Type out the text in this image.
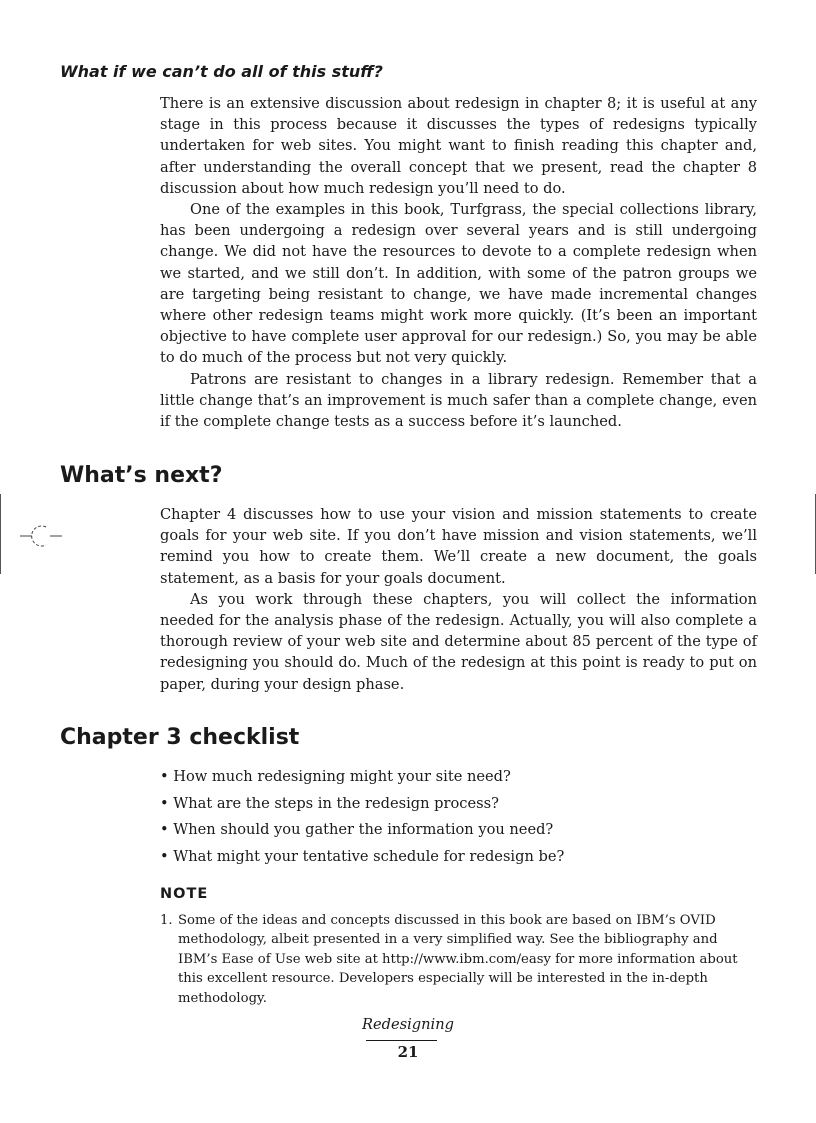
What if we can’t do all of this stuff?

There is an extensive discussion about redesign in chapter 8; it is useful at any stage in this process because it discusses the types of redesigns typically undertaken for web sites. You might want to finish reading this chapter and, after understanding the overall concept that we present, read the chapter 8 discussion about how much redesign you’ll need to do.

One of the examples in this book, Turfgrass, the special collections library, has been undergoing a redesign over several years and is still undergoing change. We did not have the resources to devote to a complete redesign when we started, and we still don’t. In addition, with some of the patron groups we are targeting being resistant to change, we have made incremental changes where other redesign teams might work more quickly. (It’s been an important objective to have complete user approval for our redesign.) So, you may be able to do much of the process but not very quickly.

Patrons are resistant to changes in a library redesign. Remember that a little change that’s an improvement is much safer than a complete change, even if the complete change tests as a success before it’s launched.

What’s next?

Chapter 4 discusses how to use your vision and mission statements to create goals for your web site. If you don’t have mission and vision statements, we’ll remind you how to create them. We’ll create a new document, the goals statement, as a basis for your goals document.

As you work through these chapters, you will collect the information needed for the analysis phase of the redesign. Actually, you will also complete a thorough review of your web site and determine about 85 percent of the type of redesigning you should do. Much of the redesign at this point is ready to put on paper, during your design phase.

Chapter 3 checklist
• How much redesigning might your site need?
• What are the steps in the redesign process?
• When should you gather the information you need?
• What might your tentative schedule for redesign be?
NOTE
1. Some of the ideas and concepts discussed in this book are based on IBM’s OVID methodology, albeit presented in a very simplified way. See the bibliography and IBM’s Ease of Use web site at http://www.ibm.com/easy for more information about this excellent resource. Developers especially will be interested in the in-depth methodology.
Redesigning
21
